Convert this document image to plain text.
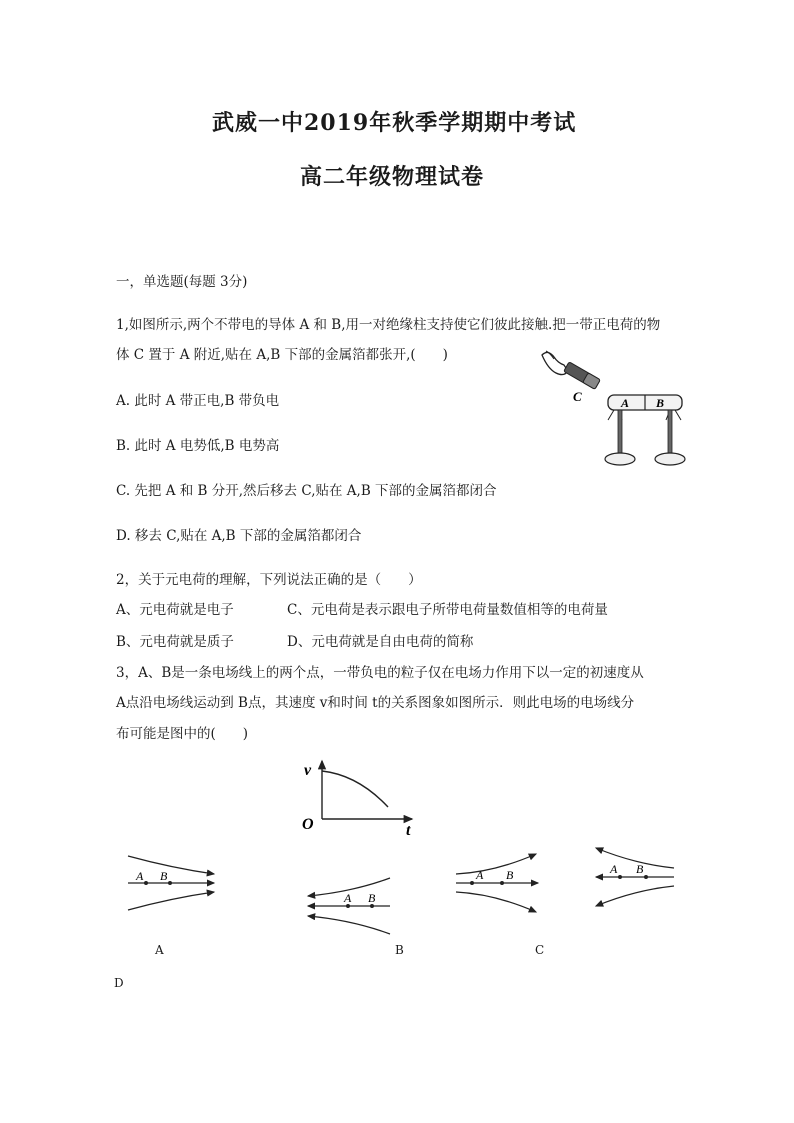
武威一中2019年秋季学期期中考试
高二年级物理试卷
一，单选题(每题 3分)
1,如图所示,两个不带电的导体 A 和 B,用一对绝缘柱支持使它们彼此接触.把一带正电荷的物
体 C 置于 A 附近,贴在 A,B 下部的金属箔都张开,(　　)
A. 此时 A 带正电,B 带负电
B. 此时 A 电势低,B 电势高
C. 先把 A 和 B 分开,然后移去 C,贴在 A,B 下部的金属箔都闭合
D. 移去 C,贴在 A,B 下部的金属箔都闭合
C	A B
2，关于元电荷的理解，下列说法正确的是（　　）
A、元电荷就是电子	C、元电荷是表示跟电子所带电荷量数值相等的电荷量
B、元电荷就是质子	D、元电荷就是自由电荷的简称
3，A、B是一条电场线上的两个点，一带负电的粒子仅在电场力作用下以一定的初速度从
A点沿电场线运动到 B点，其速度 v和时间 t的关系图象如图所示．则此电场的电场线分
布可能是图中的(　　)
v
O	t
A B
A B
A B	A B
A	B	C
D
